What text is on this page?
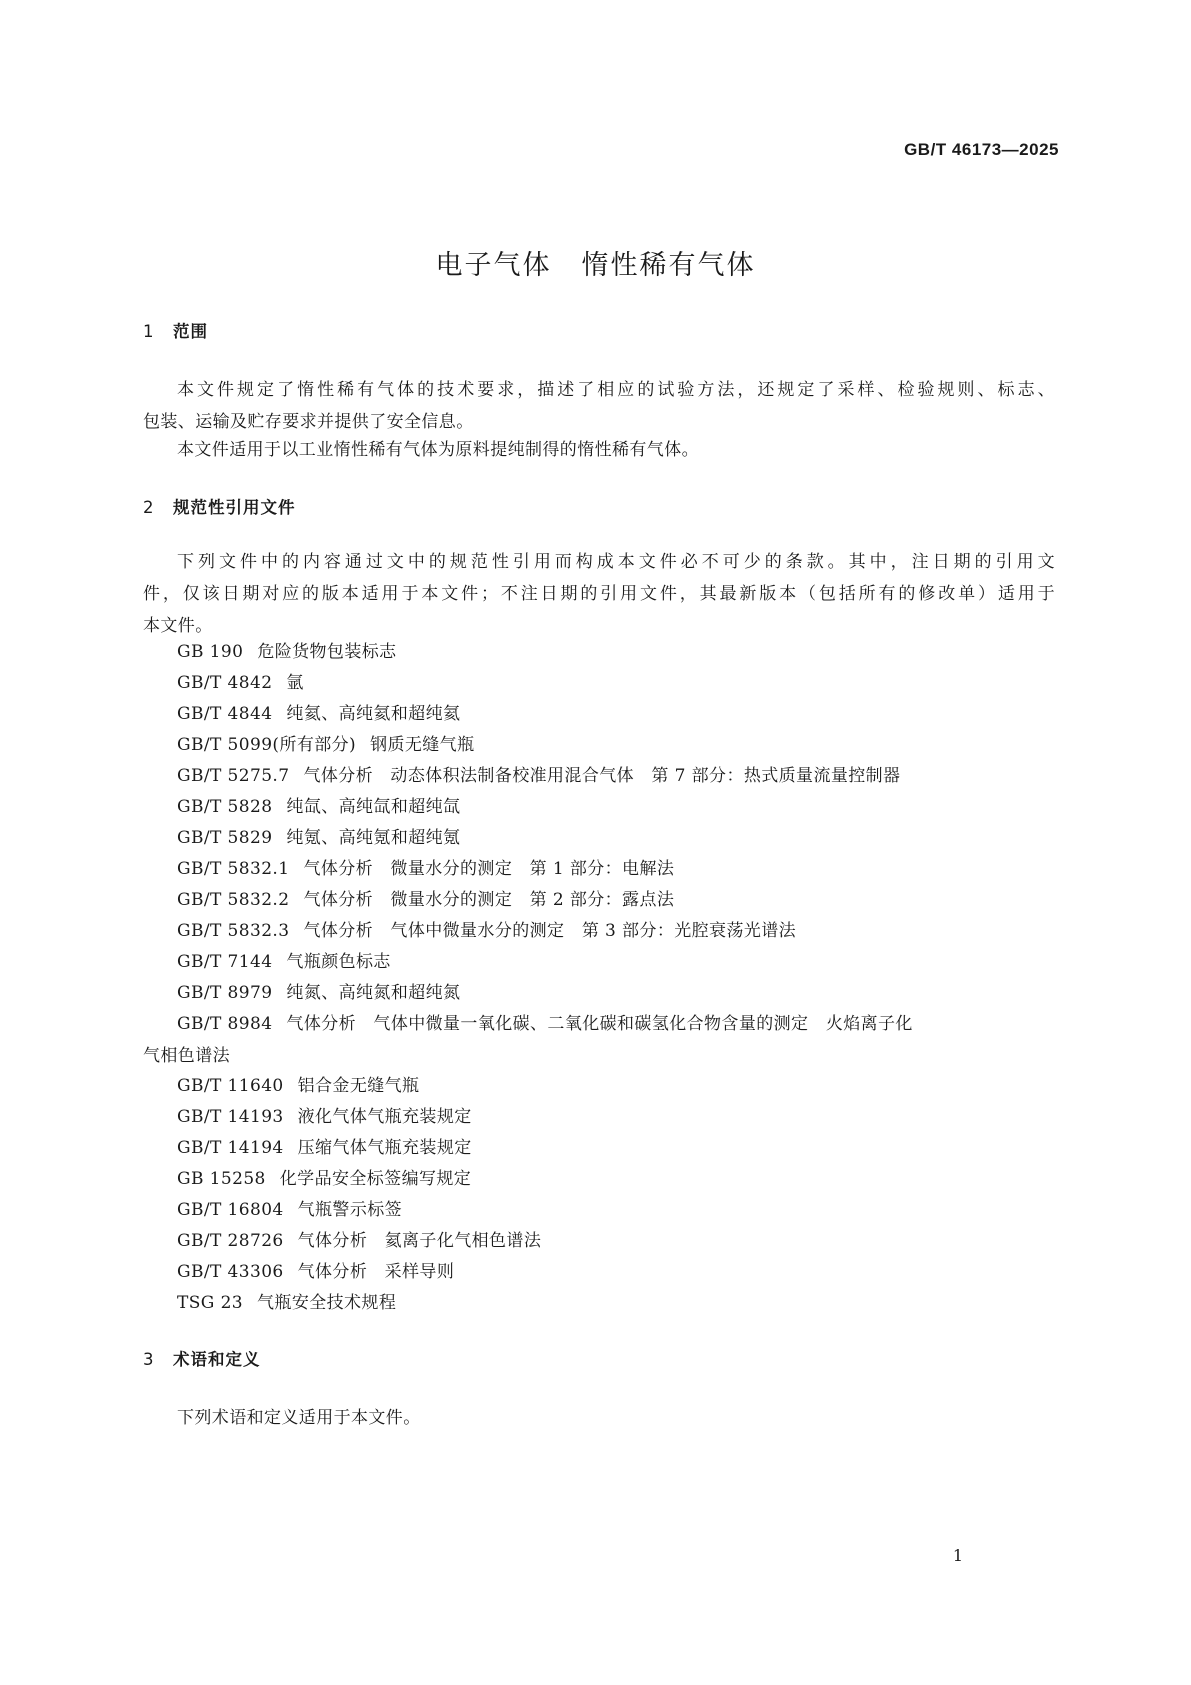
GB/T 46173—2025
电子气体 惰性稀有气体
1 范围
本文件规定了惰性稀有气体的技术要求，描述了相应的试验方法，还规定了采样、检验规则、标志、
包装、运输及贮存要求并提供了安全信息。
本文件适用于以工业惰性稀有气体为原料提纯制得的惰性稀有气体。
2 规范性引用文件
下列文件中的内容通过文中的规范性引用而构成本文件必不可少的条款。其中，注日期的引用文
件，仅该日期对应的版本适用于本文件；不注日期的引用文件，其最新版本（包括所有的修改单）适用于
本文件。
GB 190 危险货物包装标志
GB/T 4842 氩
GB/T 4844 纯氦、高纯氦和超纯氦
GB/T 5099(所有部分) 钢质无缝气瓶
GB/T 5275.7 气体分析　动态体积法制备校准用混合气体　第 7 部分：热式质量流量控制器
GB/T 5828 纯氙、高纯氙和超纯氙
GB/T 5829 纯氪、高纯氪和超纯氪
GB/T 5832.1 气体分析　微量水分的测定　第 1 部分：电解法
GB/T 5832.2 气体分析　微量水分的测定　第 2 部分：露点法
GB/T 5832.3 气体分析　气体中微量水分的测定　第 3 部分：光腔衰荡光谱法
GB/T 7144 气瓶颜色标志
GB/T 8979 纯氮、高纯氮和超纯氮
GB/T 8984 气体分析　气体中微量一氧化碳、二氧化碳和碳氢化合物含量的测定　火焰离子化
气相色谱法
GB/T 11640 铝合金无缝气瓶
GB/T 14193 液化气体气瓶充装规定
GB/T 14194 压缩气体气瓶充装规定
GB 15258 化学品安全标签编写规定
GB/T 16804 气瓶警示标签
GB/T 28726 气体分析　氦离子化气相色谱法
GB/T 43306 气体分析　采样导则
TSG 23 气瓶安全技术规程
3 术语和定义
下列术语和定义适用于本文件。
1
